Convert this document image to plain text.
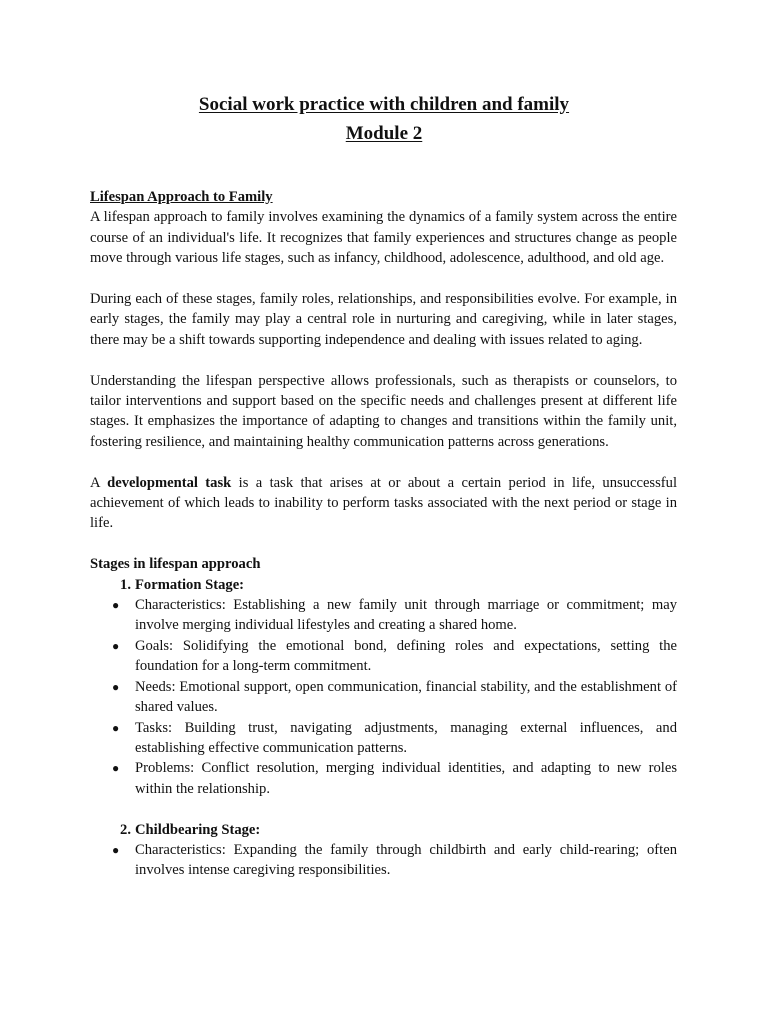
Social work practice with children and family
Module 2
Lifespan Approach to Family

A lifespan approach to family involves examining the dynamics of a family system across the entire course of an individual's life. It recognizes that family experiences and structures change as people move through various life stages, such as infancy, childhood, adolescence, adulthood, and old age.

During each of these stages, family roles, relationships, and responsibilities evolve. For example, in early stages, the family may play a central role in nurturing and caregiving, while in later stages, there may be a shift towards supporting independence and dealing with issues related to aging.

Understanding the lifespan perspective allows professionals, such as therapists or counselors, to tailor interventions and support based on the specific needs and challenges present at different life stages. It emphasizes the importance of adapting to changes and transitions within the family unit, fostering resilience, and maintaining healthy communication patterns across generations.

A developmental task is a task that arises at or about a certain period in life, unsuccessful achievement of which leads to inability to perform tasks associated with the next period or stage in life.

Stages in lifespan approach
1. Formation Stage:
● Characteristics: Establishing a new family unit through marriage or commitment; may involve merging individual lifestyles and creating a shared home.
● Goals: Solidifying the emotional bond, defining roles and expectations, setting the foundation for a long-term commitment.
● Needs: Emotional support, open communication, financial stability, and the establishment of shared values.
● Tasks: Building trust, navigating adjustments, managing external influences, and establishing effective communication patterns.
● Problems: Conflict resolution, merging individual identities, and adapting to new roles within the relationship.
2. Childbearing Stage:
● Characteristics: Expanding the family through childbirth and early child-rearing; often involves intense caregiving responsibilities.
